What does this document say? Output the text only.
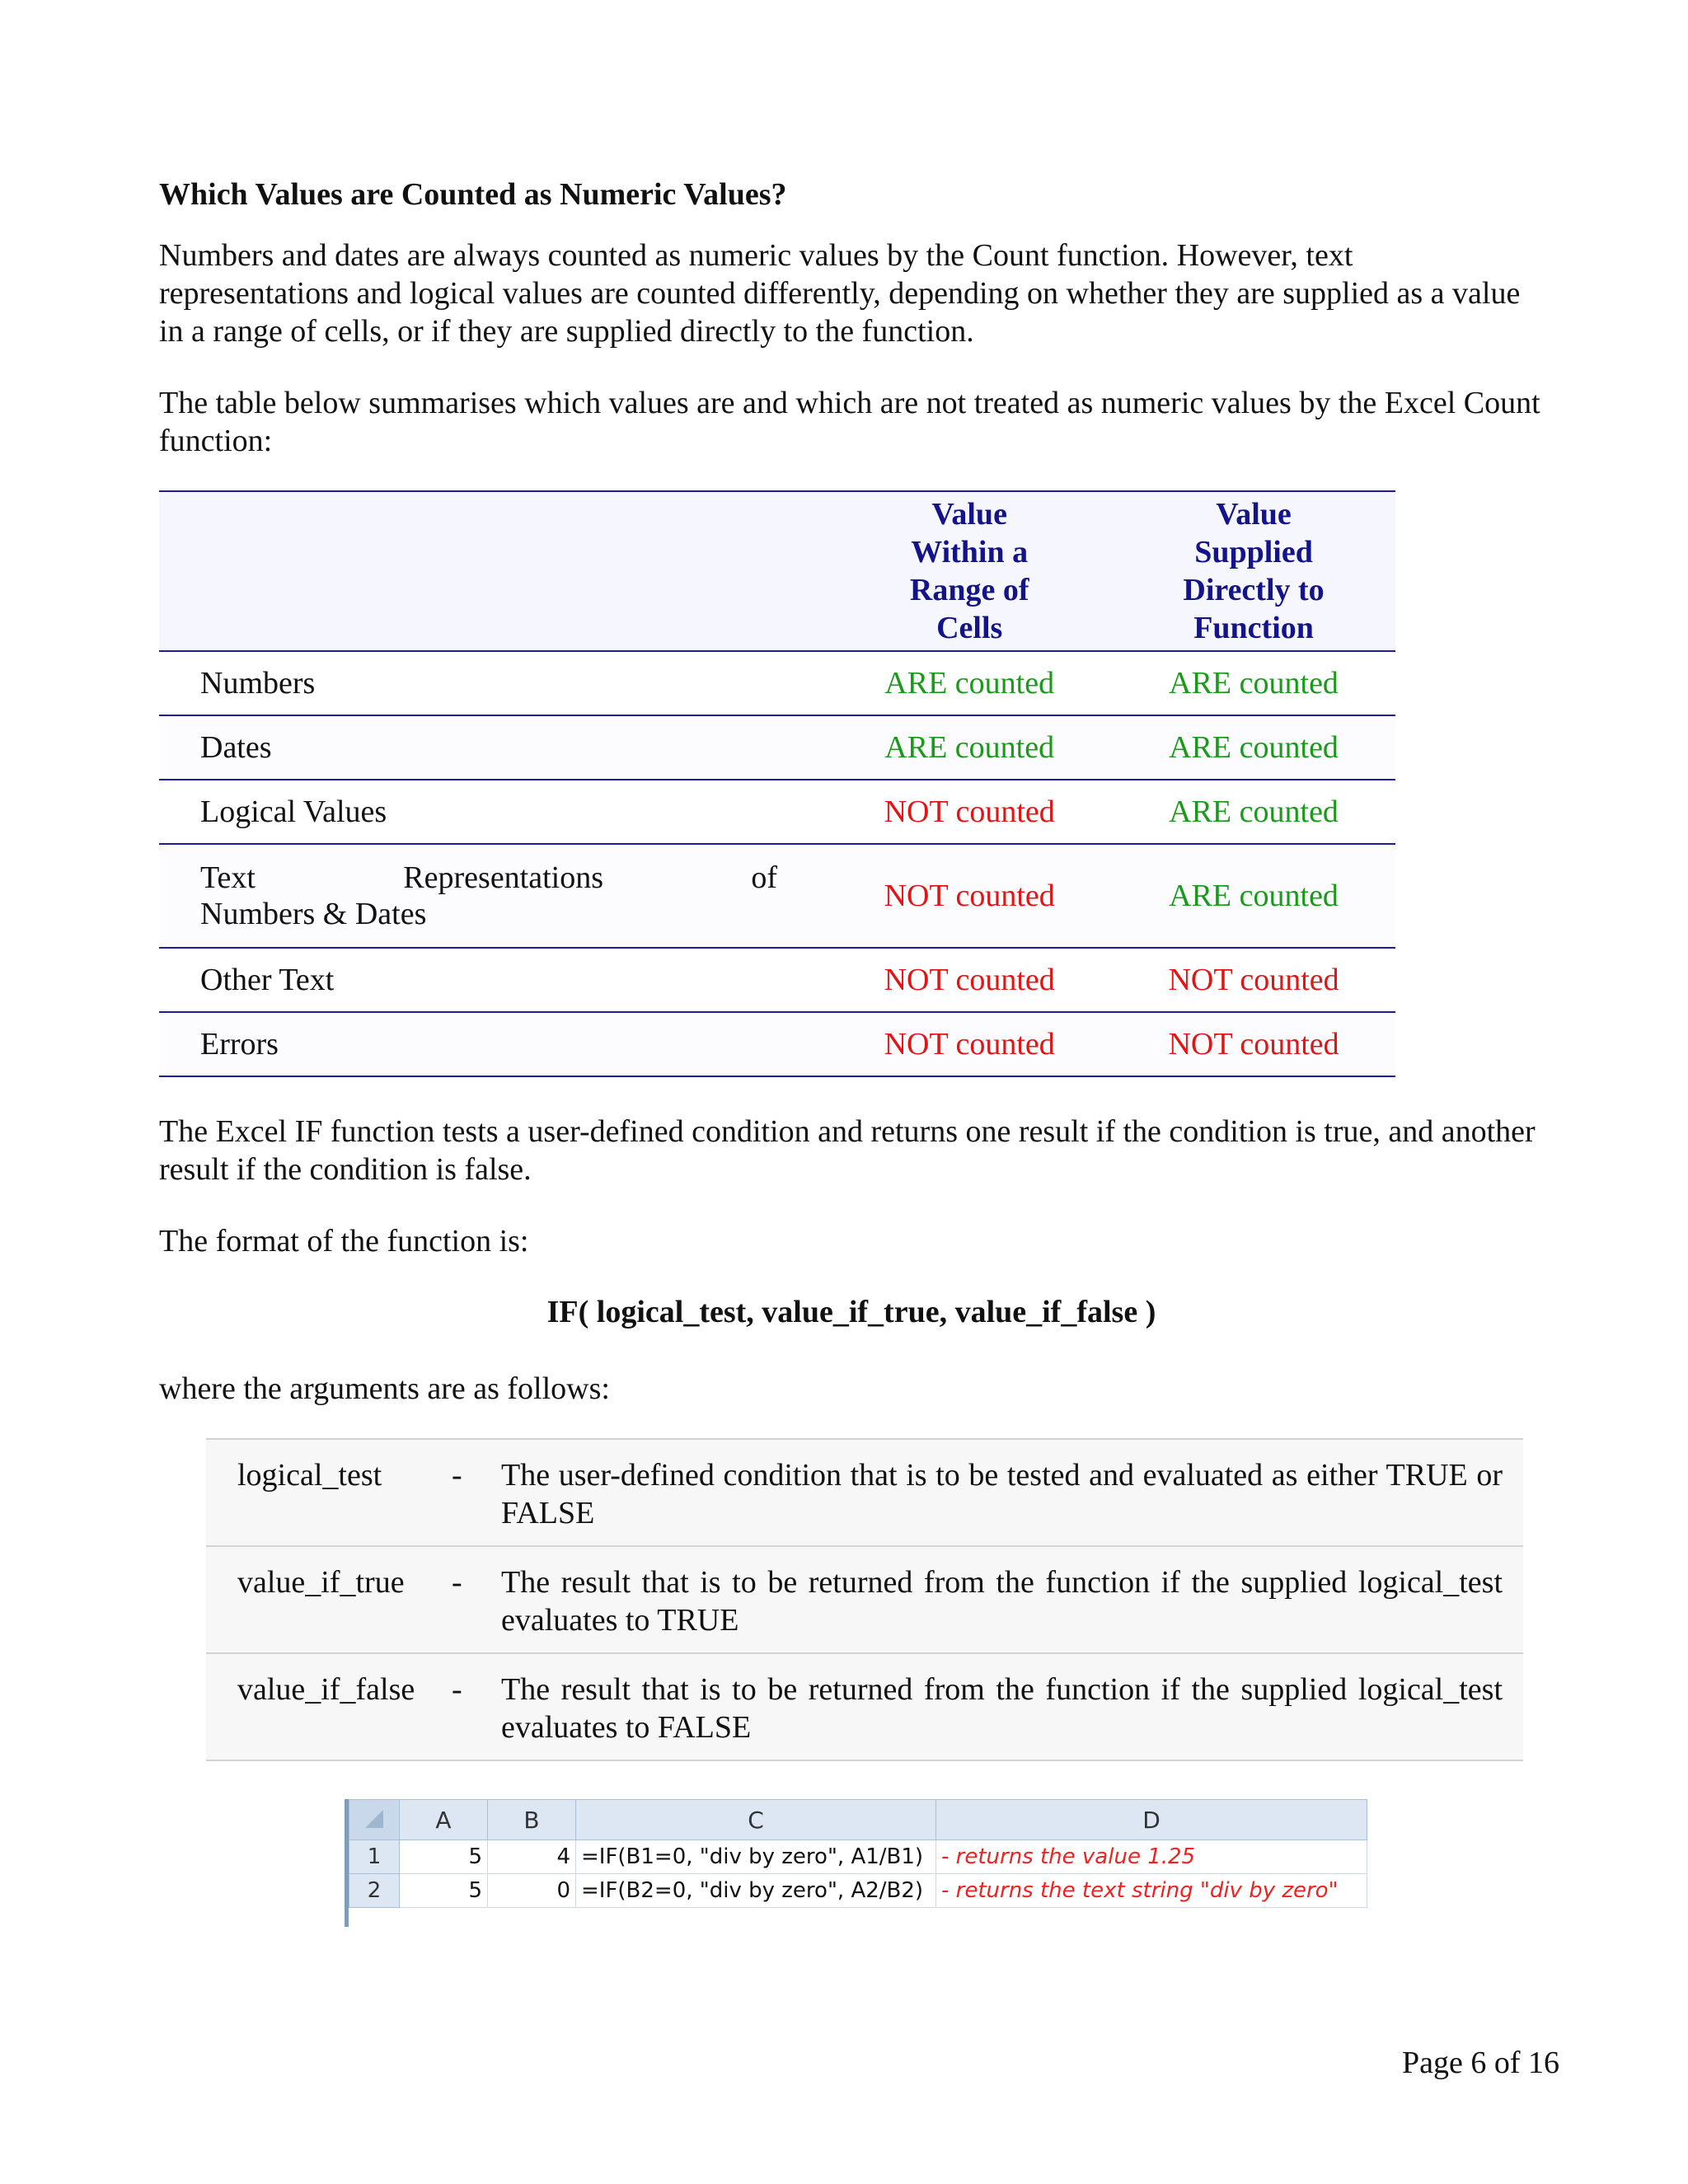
Which Values are Counted as Numeric Values?
Numbers and dates are always counted as numeric values by the Count function. However, text representations and logical values are counted differently, depending on whether they are supplied as a value in a range of cells, or if they are supplied directly to the function.
The table below summarises which values are and which are not treated as numeric values by the Excel Count function:
	Value Within a Range of Cells	Value Supplied Directly to Function
Numbers	ARE counted	ARE counted
Dates	ARE counted	ARE counted
Logical Values	NOT counted	ARE counted

Text Representations of
Numbers & Dates	NOT counted	ARE counted
Other Text	NOT counted	NOT counted
Errors	NOT counted	NOT counted
The Excel IF function tests a user-defined condition and returns one result if the condition is true, and another result if the condition is false.
The format of the function is:
IF( logical_test, value_if_true, value_if_false )
where the arguments are as follows:
logical_test	-	The user-defined condition that is to be tested and evaluated as either TRUE or FALSE
value_if_true	-	The result that is to be returned from the function if the supplied logical_test evaluates to TRUE
value_if_false	-	The result that is to be returned from the function if the supplied logical_test evaluates to FALSE
	A	B	C	D
1	5	4	=IF(B1=0, "div by zero", A1/B1)	- returns the value 1.25
2	5	0	=IF(B2=0, "div by zero", A2/B2)	- returns the text string "div by zero"
Page 6 of 16
